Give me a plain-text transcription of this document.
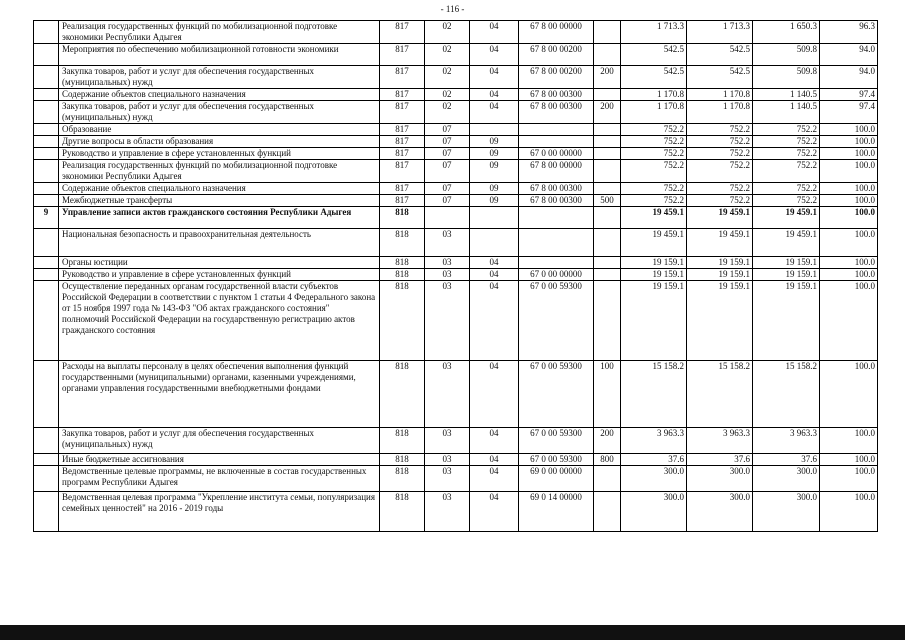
- 116 -
	Реализация государственных функций по мобилизационной подготовке экономики Республики Адыгея	817	02	04	67 8 00 00000		1 713.3	1 713.3	1 650.3	96.3
	Мероприятия по обеспечению мобилизационной готовности экономики	817	02	04	67 8 00 00200		542.5	542.5	509.8	94.0
	Закупка товаров, работ и услуг для обеспечения государственных (муниципальных) нужд	817	02	04	67 8 00 00200	200	542.5	542.5	509.8	94.0
	Содержание объектов специального назначения	817	02	04	67 8 00 00300		1 170.8	1 170.8	1 140.5	97.4
	Закупка товаров, работ и услуг для обеспечения государственных (муниципальных) нужд	817	02	04	67 8 00 00300	200	1 170.8	1 170.8	1 140.5	97.4
	Образование	817	07				752.2	752.2	752.2	100.0
	Другие вопросы в области образования	817	07	09			752.2	752.2	752.2	100.0
	Руководство и управление в сфере установленных функций	817	07	09	67 0 00 00000		752.2	752.2	752.2	100.0
	Реализация государственных функций по мобилизационной подготовке экономики Республики Адыгея	817	07	09	67 8 00 00000		752.2	752.2	752.2	100.0
	Содержание объектов специального назначения	817	07	09	67 8 00 00300		752.2	752.2	752.2	100.0
	Межбюджетные трансферты	817	07	09	67 8 00 00300	500	752.2	752.2	752.2	100.0
9	Управление записи актов гражданского состояния Республики Адыгея	818					19 459.1	19 459.1	19 459.1	100.0
	Национальная безопасность и правоохранительная деятельность	818	03				19 459.1	19 459.1	19 459.1	100.0
	Органы юстиции	818	03	04			19 159.1	19 159.1	19 159.1	100.0
	Руководство и управление в сфере установленных функций	818	03	04	67 0 00 00000		19 159.1	19 159.1	19 159.1	100.0
	Осуществление переданных органам государственной власти субъектов Российской Федерации в соответствии с пунктом 1 статьи 4 Федерального закона от 15 ноября 1997 года № 143-ФЗ "Об актах гражданского состояния" полномочий Российской Федерации на государственную регистрацию актов гражданского состояния	818	03	04	67 0 00 59300		19 159.1	19 159.1	19 159.1	100.0
	Расходы на выплаты персоналу в целях обеспечения выполнения функций государственными (муниципальными) органами, казенными учреждениями, органами управления государственными внебюджетными фондами	818	03	04	67 0 00 59300	100	15 158.2	15 158.2	15 158.2	100.0
	Закупка товаров, работ и услуг для обеспечения государственных (муниципальных) нужд	818	03	04	67 0 00 59300	200	3 963.3	3 963.3	3 963.3	100.0
	Иные бюджетные ассигнования	818	03	04	67 0 00 59300	800	37.6	37.6	37.6	100.0
	Ведомственные целевые программы, не включенные в состав государственных программ Республики Адыгея	818	03	04	69 0 00 00000		300.0	300.0	300.0	100.0
	Ведомственная целевая программа "Укрепление института семьи, популяризация семейных ценностей" на 2016 - 2019 годы	818	03	04	69 0 14 00000		300.0	300.0	300.0	100.0
